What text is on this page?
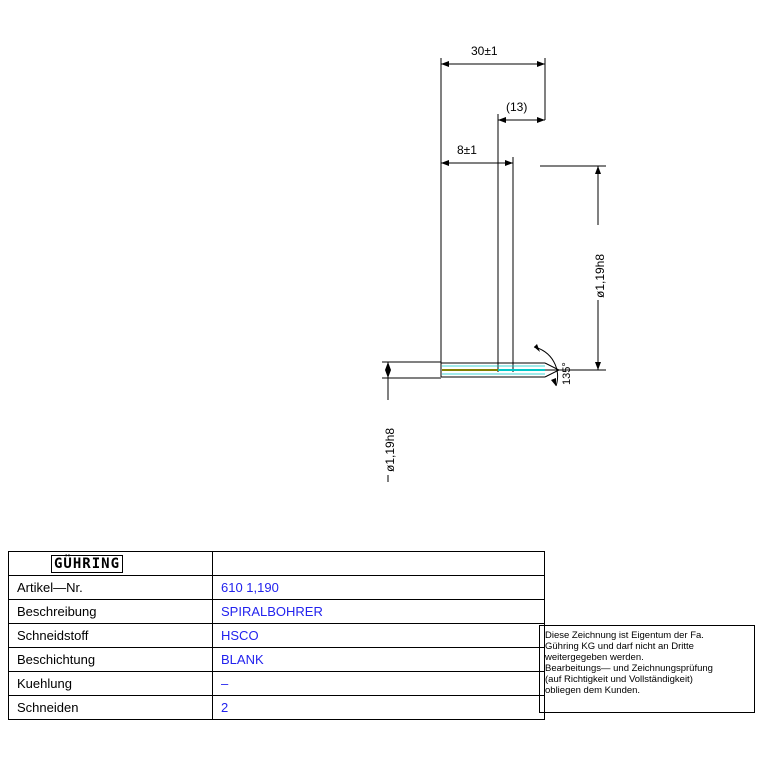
30±1
(13)
8±1
ø1,19h8
ø1,19h8
135°
GÜHRING
Artikel—Nr.	610 1,190
Beschreibung	SPIRALBOHRER
Schneidstoff	HSCO
Beschichtung	BLANK
Kuehlung	–
Schneiden	2
Diese Zeichnung ist Eigentum der Fa.
Gühring KG und darf nicht an Dritte
weitergegeben werden.
Bearbeitungs— und Zeichnungsprüfung
(auf Richtigkeit und Vollständigkeit)
obliegen dem Kunden.
